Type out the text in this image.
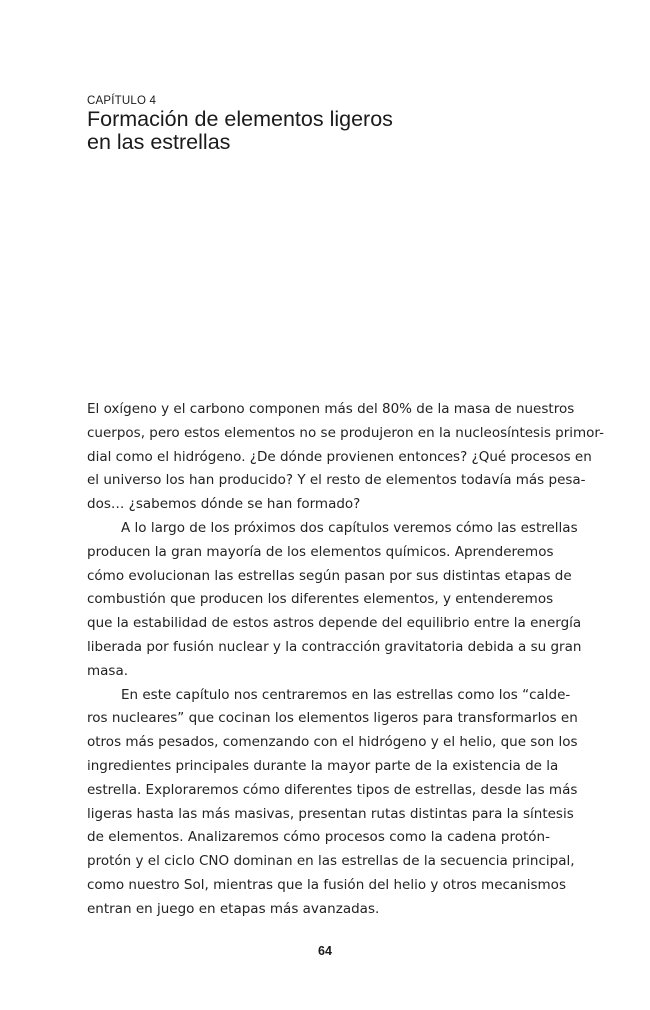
CAPÍTULO 4
Formación de elementos ligeros
en las estrellas
El oxígeno y el carbono componen más del 80% de la masa de nuestros
cuerpos, pero estos elementos no se produjeron en la nucleosíntesis primor-
dial como el hidrógeno. ¿De dónde provienen entonces? ¿Qué procesos en
el universo los han producido? Y el resto de elementos todavía más pesa-
dos… ¿sabemos dónde se han formado?
A lo largo de los próximos dos capítulos veremos cómo las estrellas
producen la gran mayoría de los elementos químicos. Aprenderemos
cómo evolucionan las estrellas según pasan por sus distintas etapas de
combustión que producen los diferentes elementos, y entenderemos
que la estabilidad de estos astros depende del equilibrio entre la energía
liberada por fusión nuclear y la contracción gravitatoria debida a su gran
masa.
En este capítulo nos centraremos en las estrellas como los “calde-
ros nucleares” que cocinan los elementos ligeros para transformarlos en
otros más pesados, comenzando con el hidrógeno y el helio, que son los
ingredientes principales durante la mayor parte de la existencia de la
estrella. Exploraremos cómo diferentes tipos de estrellas, desde las más
ligeras hasta las más masivas, presentan rutas distintas para la síntesis
de elementos. Analizaremos cómo procesos como la cadena protón-
protón y el ciclo CNO dominan en las estrellas de la secuencia principal,
como nuestro Sol, mientras que la fusión del helio y otros mecanismos
entran en juego en etapas más avanzadas.
64
